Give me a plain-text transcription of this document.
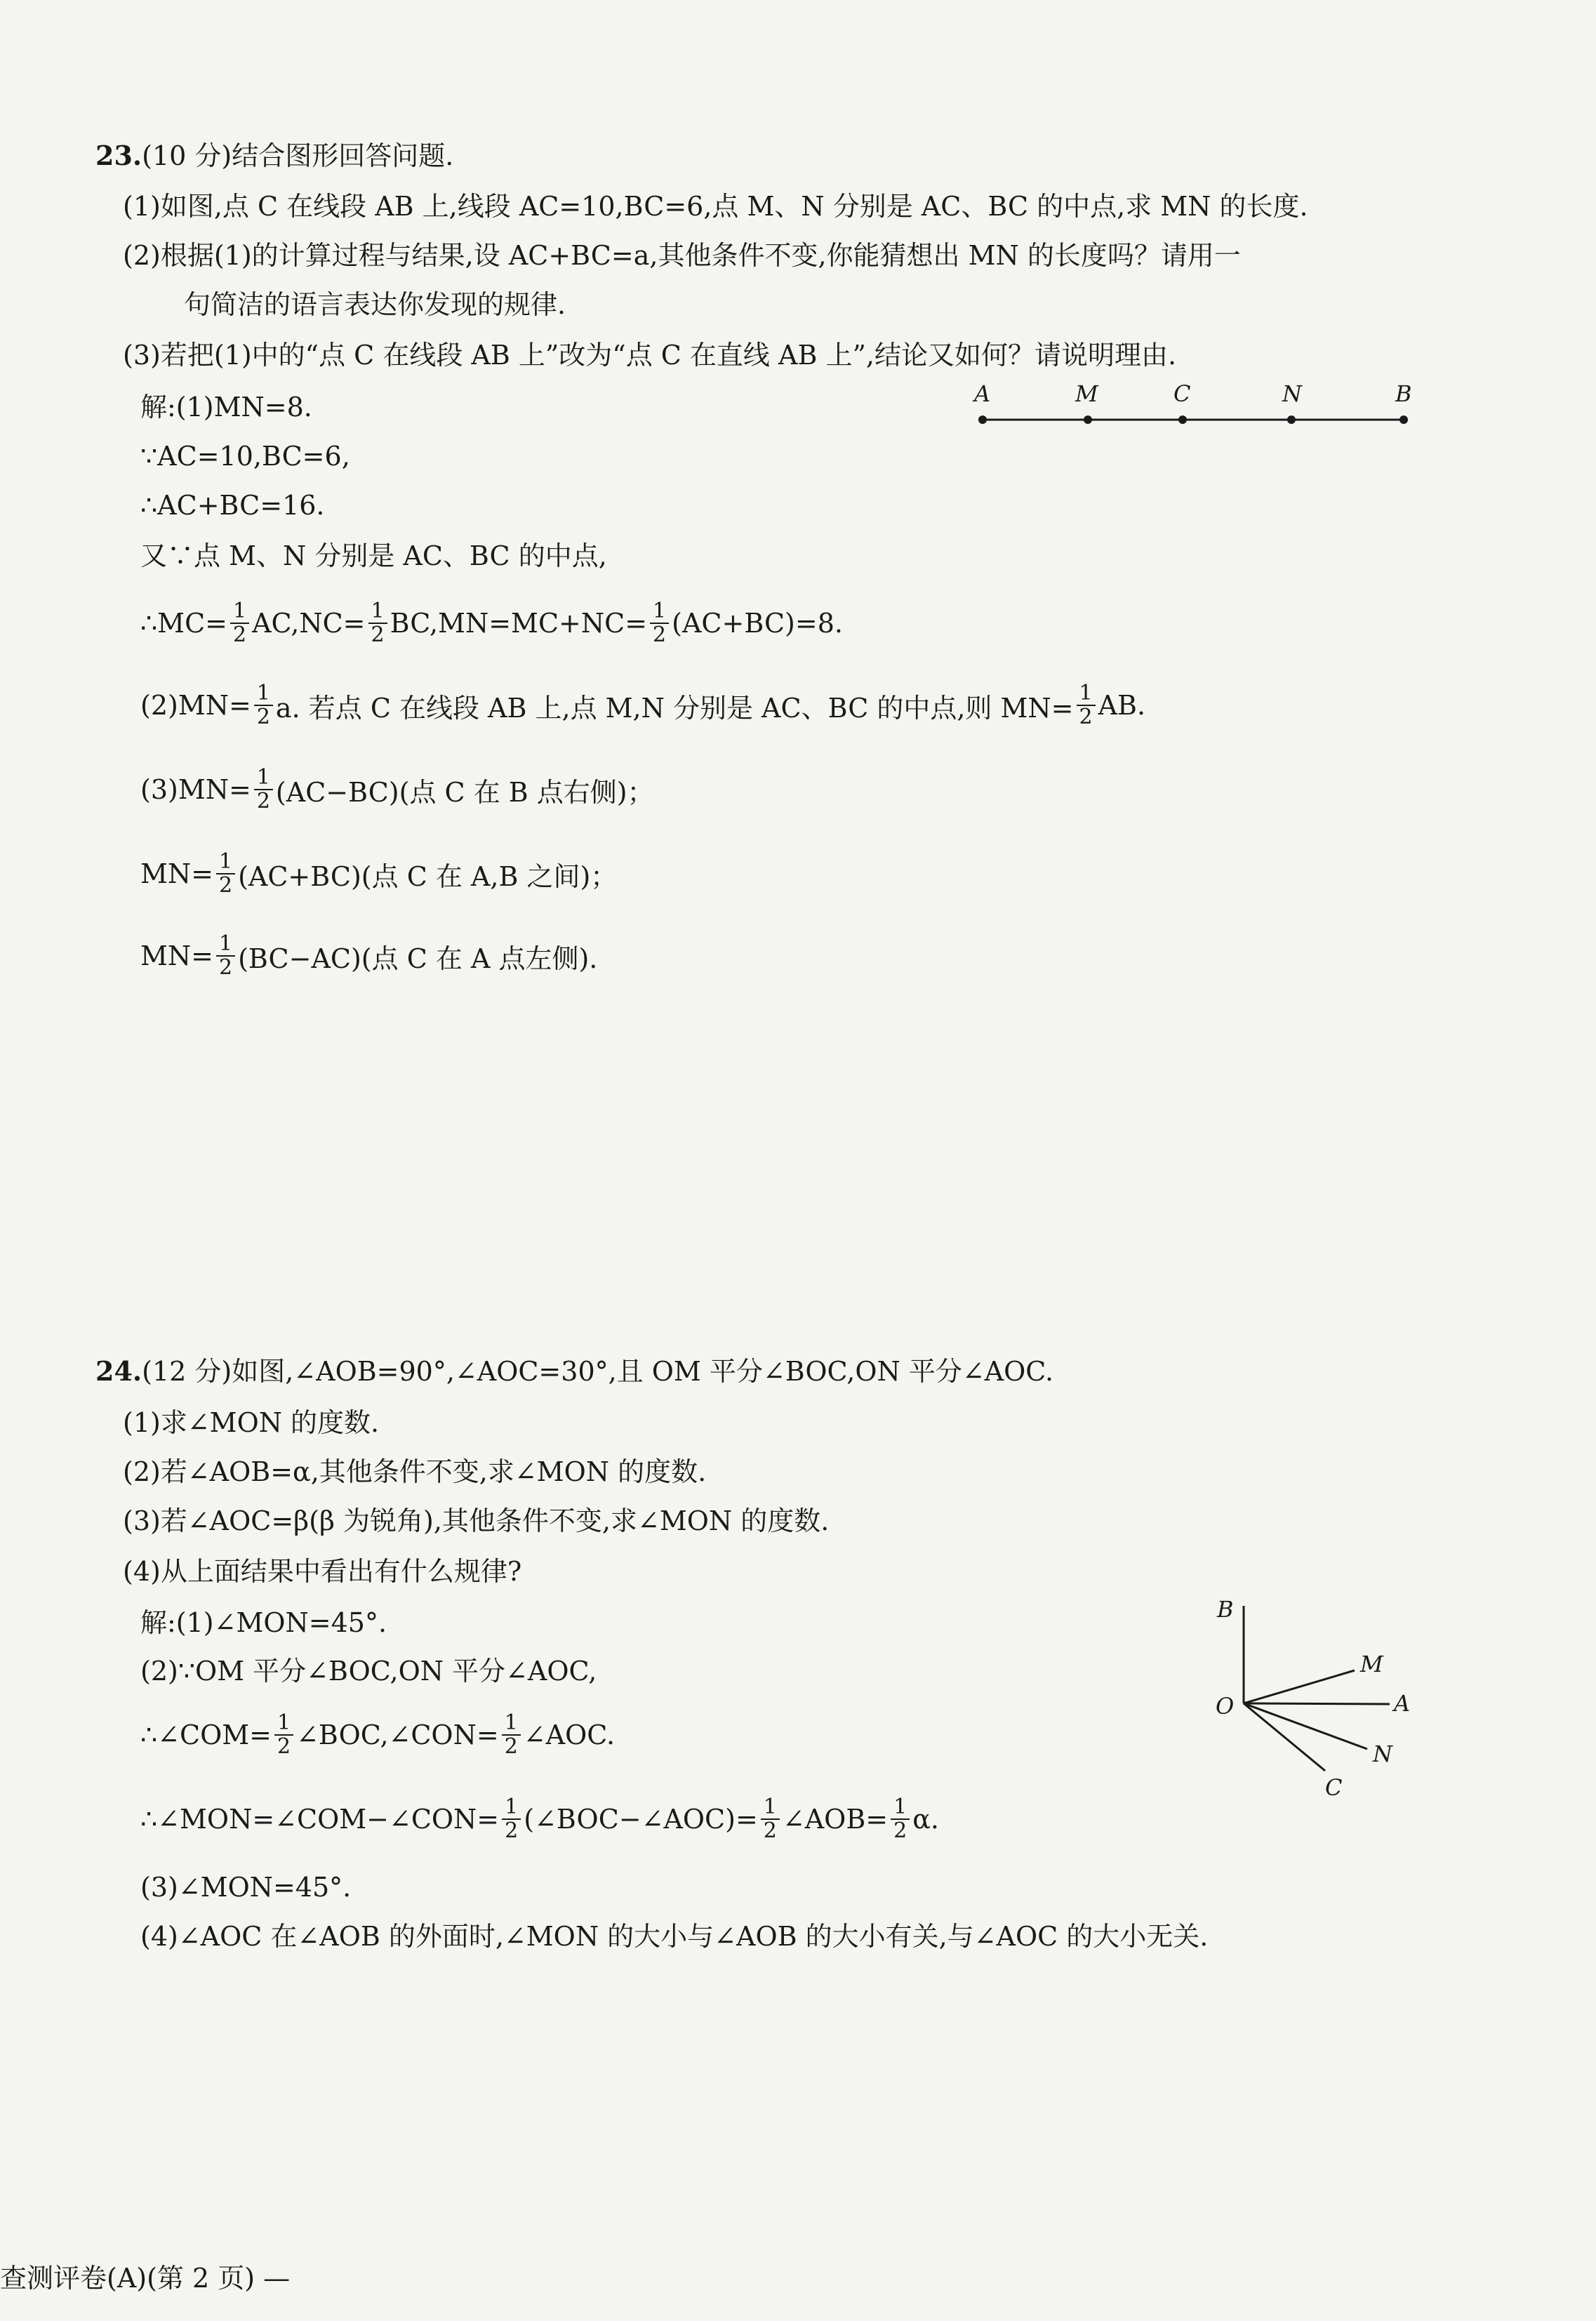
23.(10 分)结合图形回答问题.
(1)如图,点 C 在线段 AB 上,线段 AC=10,BC=6,点 M、N 分别是 AC、BC 的中点,求 MN 的长度.
(2)根据(1)的计算过程与结果,设 AC+BC=a,其他条件不变,你能猜想出 MN 的长度吗？请用一
句简洁的语言表达你发现的规律.
(3)若把(1)中的“点 C 在线段 AB 上”改为“点 C 在直线 AB 上”,结论又如何？请说明理由.
A	M	C	N	B
解:(1)MN=8.
∵AC=10,BC=6,
∴AC+BC=16.
又∵点 M、N 分别是 AC、BC 的中点,
∴MC= $\frac{1}{2} AC,NC= \frac{1}{2} BC,MN=MC+NC= \frac{1}{2} (AC+BC)=8$.
$(2)MN= \frac{1}{2} a$. 若点 C 在线段 AB 上,点 M,N 分别是 AC、BC 的中点,则 $MN= \frac{1}{2}$ AB.
$(3)MN= \frac{1}{2} (AC-BC)$(点 C 在 B 点右侧)；
$MN= \frac{1}{2} (AC+BC)$(点 C 在 A,B 之间)；
$MN= \frac{1}{2} (BC-AC)$(点 C 在 A 点左侧).
24.(12 分)如图,∠AOB=90°,∠AOC=30°,且 OM 平分∠BOC,ON 平分∠AOC.
(1)求∠MON 的度数.
(2)若∠AOB=α,其他条件不变,求∠MON 的度数.
(3)若∠AOC=β(β 为锐角),其他条件不变,求∠MON 的度数.
(4)从上面结果中看出有什么规律?
解:(1)∠MON=45°.
(2)∵OM 平分∠BOC,ON 平分∠AOC,
∴∠COM= $\frac{1}{2}$ ∠BOC,∠CON= $\frac{1}{2}$ ∠AOC.
∴∠MON=∠COM−∠CON= $\frac{1}{2}$ (∠BOC−∠AOC)= $\frac{1}{2}$ ∠AOB= $\frac{1}{2} \alpha$.
(3)∠MON=45°.
(4)∠AOC 在∠AOB 的外面时,∠MON 的大小与∠AOB 的大小有关,与∠AOC 的大小无关.
B
M
O	A
N
C
查测评卷(A)(第 2 页) —
